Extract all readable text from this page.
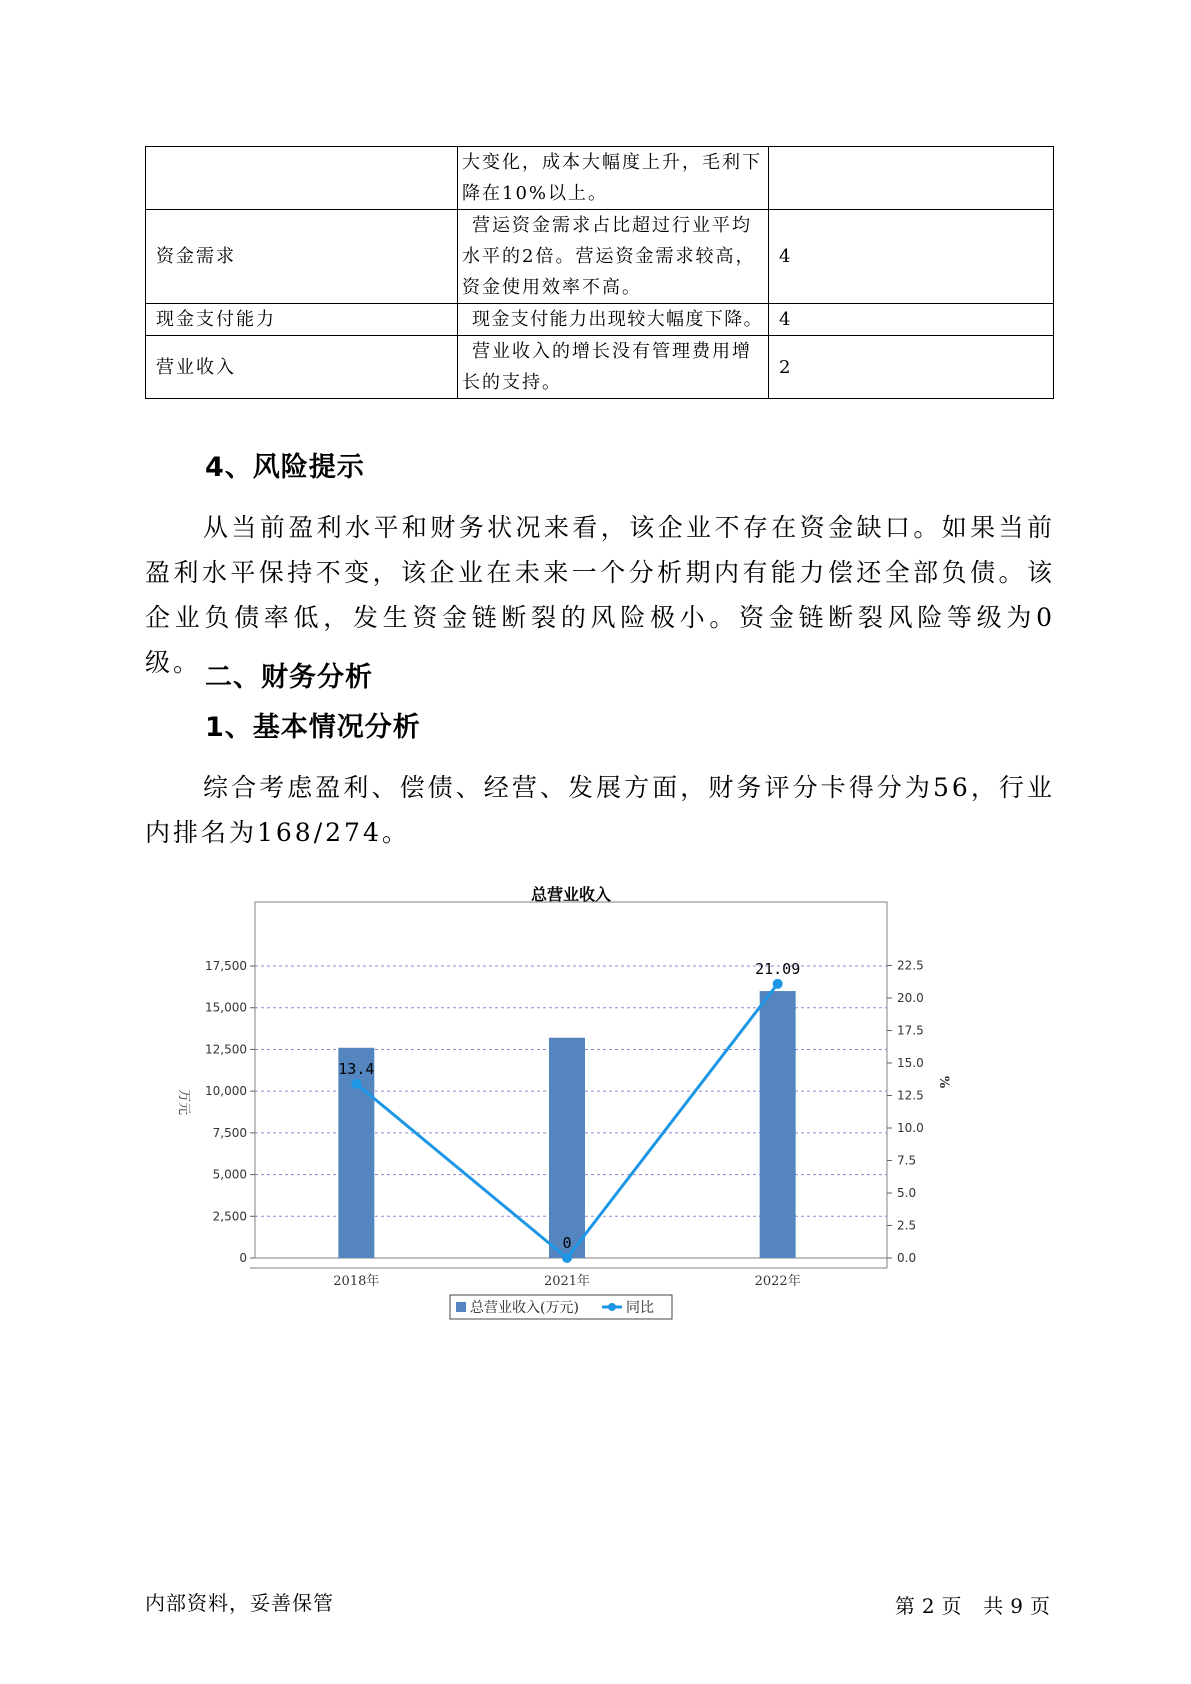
	大变化，成本大幅度上升，毛利下降在10%以上。	
资金需求	营运资金需求占比超过行业平均水平的2倍。营运资金需求较高，资金使用效率不高。	4
现金支付能力	现金支付能力出现较大幅度下降。	4
营业收入	营业收入的增长没有管理费用增长的支持。	2
4、风险提示
从当前盈利水平和财务状况来看，该企业不存在资金缺口。如果当前盈利水平保持不变，该企业在未来一个分析期内有能力偿还全部负债。该企业负债率低，发生资金链断裂的风险极小。资金链断裂风险等级为0级。 二、财务分析
1、基本情况分析
综合考虑盈利、偿债、经营、发展方面，财务评分卡得分为56，行业内排名为168/274。
总营业收入
0
2,500
5,000
7,500
10,000
12,500
15,000
17,500
0.0
2.5
5.0
7.5
10.0
12.5
15.0
17.5
20.0
22.5
万元
%
2018年	2021年	2022年
13.4
0
21.09
总营业收入(万元)	同比
内部资料，妥善保管	第 2 页 共 9 页
